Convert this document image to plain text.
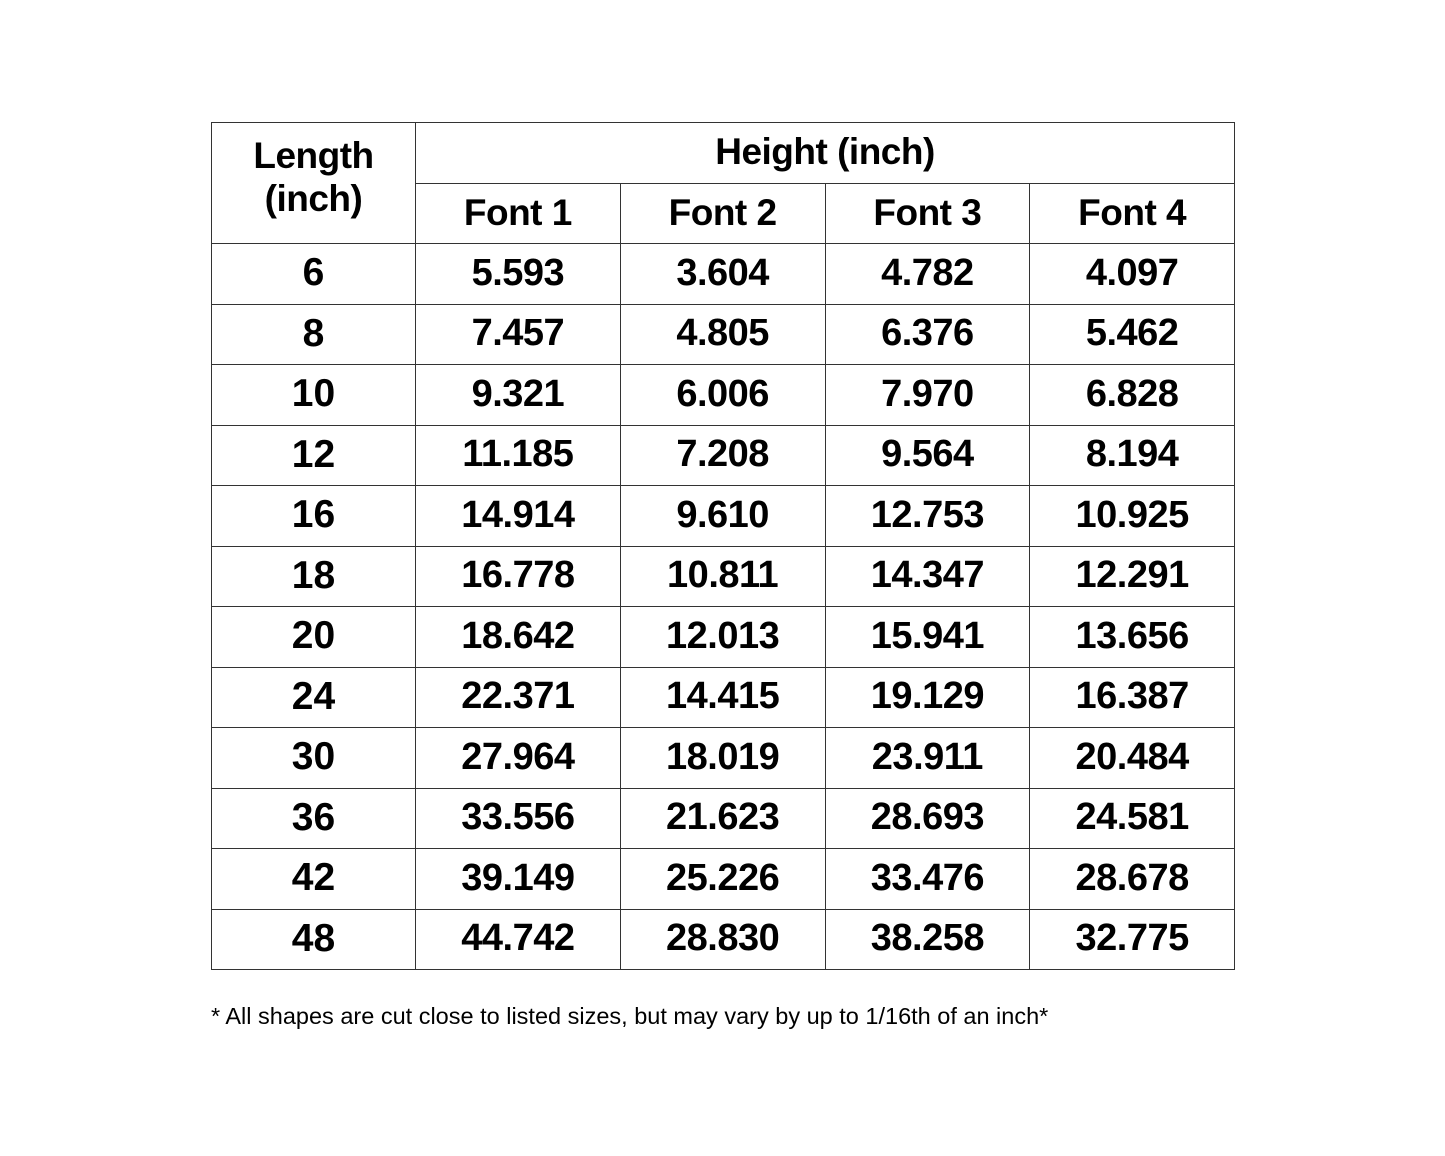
Length
(inch)	Height (inch)			
	Font 1	Font 2	Font 3	Font 4
6	5.593	3.604	4.782	4.097
8	7.457	4.805	6.376	5.462
10	9.321	6.006	7.970	6.828
12	11.185	7.208	9.564	8.194
16	14.914	9.610	12.753	10.925
18	16.778	10.811	14.347	12.291
20	18.642	12.013	15.941	13.656
24	22.371	14.415	19.129	16.387
30	27.964	18.019	23.911	20.484
36	33.556	21.623	28.693	24.581
42	39.149	25.226	33.476	28.678
48	44.742	28.830	38.258	32.775
* All shapes are cut close to listed sizes, but may vary by up to 1/16th of an inch*
